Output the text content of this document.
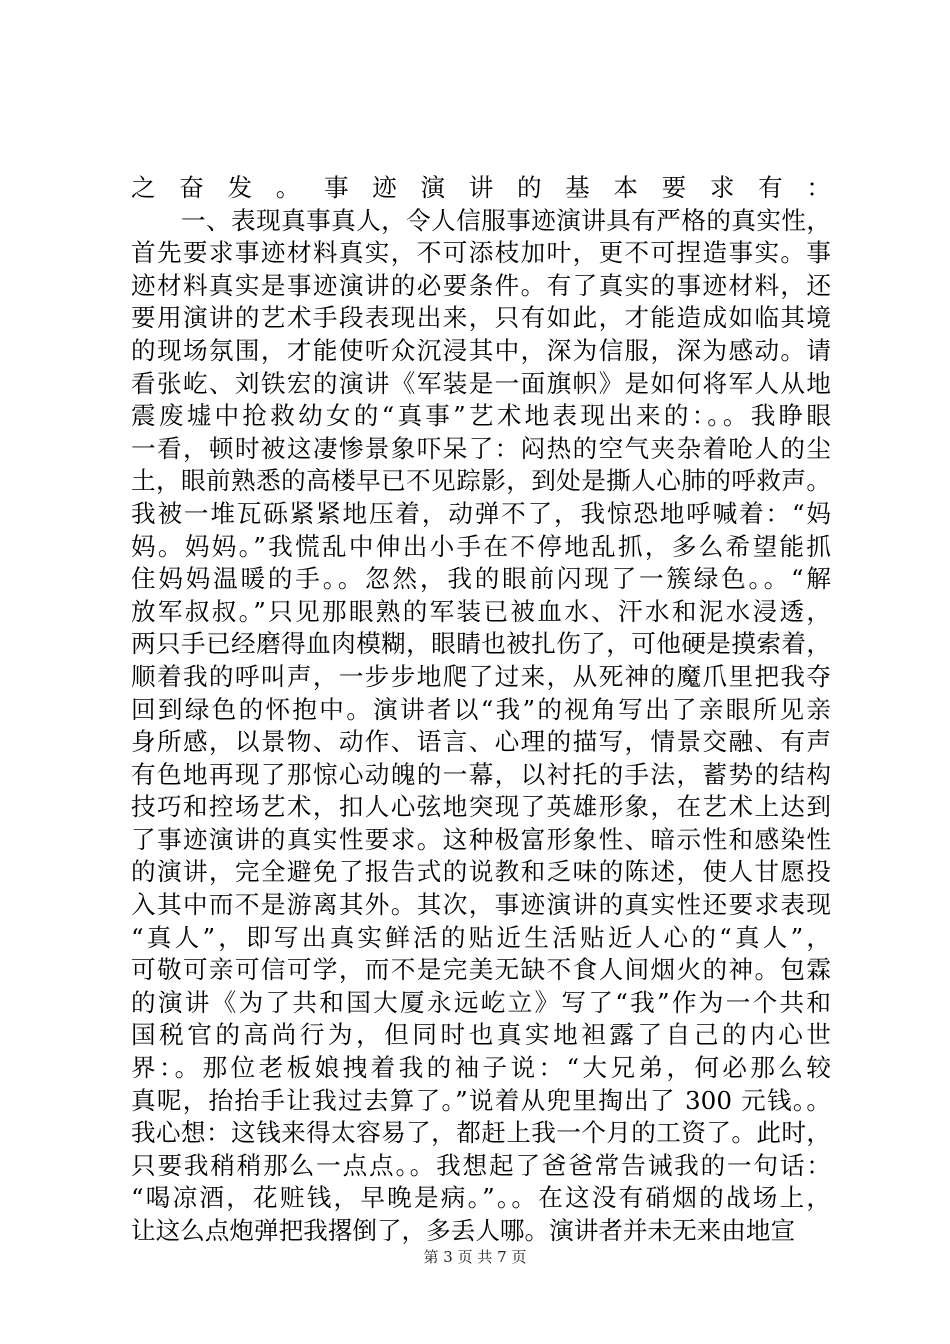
之奋发。事迹演讲的基本要求有：
　　一、表现真事真人，令人信服事迹演讲具有严格的真实性，
首先要求事迹材料真实，不可添枝加叶，更不可捏造事实。事
迹材料真实是事迹演讲的必要条件。有了真实的事迹材料，还
要用演讲的艺术手段表现出来，只有如此，才能造成如临其境
的现场氛围，才能使听众沉浸其中，深为信服，深为感动。请
看张屹、刘铁宏的演讲《军装是一面旗帜》是如何将军人从地
震废墟中抢救幼女的“真事”艺术地表现出来的：。。我睁眼
一看，顿时被这凄惨景象吓呆了：闷热的空气夹杂着呛人的尘
土，眼前熟悉的高楼早已不见踪影，到处是撕人心肺的呼救声。
我被一堆瓦砾紧紧地压着，动弹不了，我惊恐地呼喊着：“妈
妈。妈妈。”我慌乱中伸出小手在不停地乱抓，多么希望能抓
住妈妈温暖的手。。忽然，我的眼前闪现了一簇绿色。。“解
放军叔叔。”只见那眼熟的军装已被血水、汗水和泥水浸透，
两只手已经磨得血肉模糊，眼睛也被扎伤了，可他硬是摸索着，
顺着我的呼叫声，一步步地爬了过来，从死神的魔爪里把我夺
回到绿色的怀抱中。演讲者以“我”的视角写出了亲眼所见亲
身所感，以景物、动作、语言、心理的描写，情景交融、有声
有色地再现了那惊心动魄的一幕，以衬托的手法，蓄势的结构
技巧和控场艺术，扣人心弦地突现了英雄形象，在艺术上达到
了事迹演讲的真实性要求。这种极富形象性、暗示性和感染性
的演讲，完全避免了报告式的说教和乏味的陈述，使人甘愿投
入其中而不是游离其外。其次，事迹演讲的真实性还要求表现
“真人”，即写出真实鲜活的贴近生活贴近人心的“真人”，
可敬可亲可信可学，而不是完美无缺不食人间烟火的神。包霖
的演讲《为了共和国大厦永远屹立》写了“我”作为一个共和
国税官的高尚行为，但同时也真实地袒露了自己的内心世
界：。那位老板娘拽着我的袖子说：“大兄弟，何必那么较
真呢，抬抬手让我过去算了。”说着从兜里掏出了 300 元钱。。
我心想：这钱来得太容易了，都赶上我一个月的工资了。此时，
只要我稍稍那么一点点。。我想起了爸爸常告诫我的一句话：
“喝凉酒，花赃钱，早晚是病。”。。在这没有硝烟的战场上，
让这么点炮弹把我撂倒了，多丢人哪。演讲者并未无来由地宣
第 3 页 共 7 页
